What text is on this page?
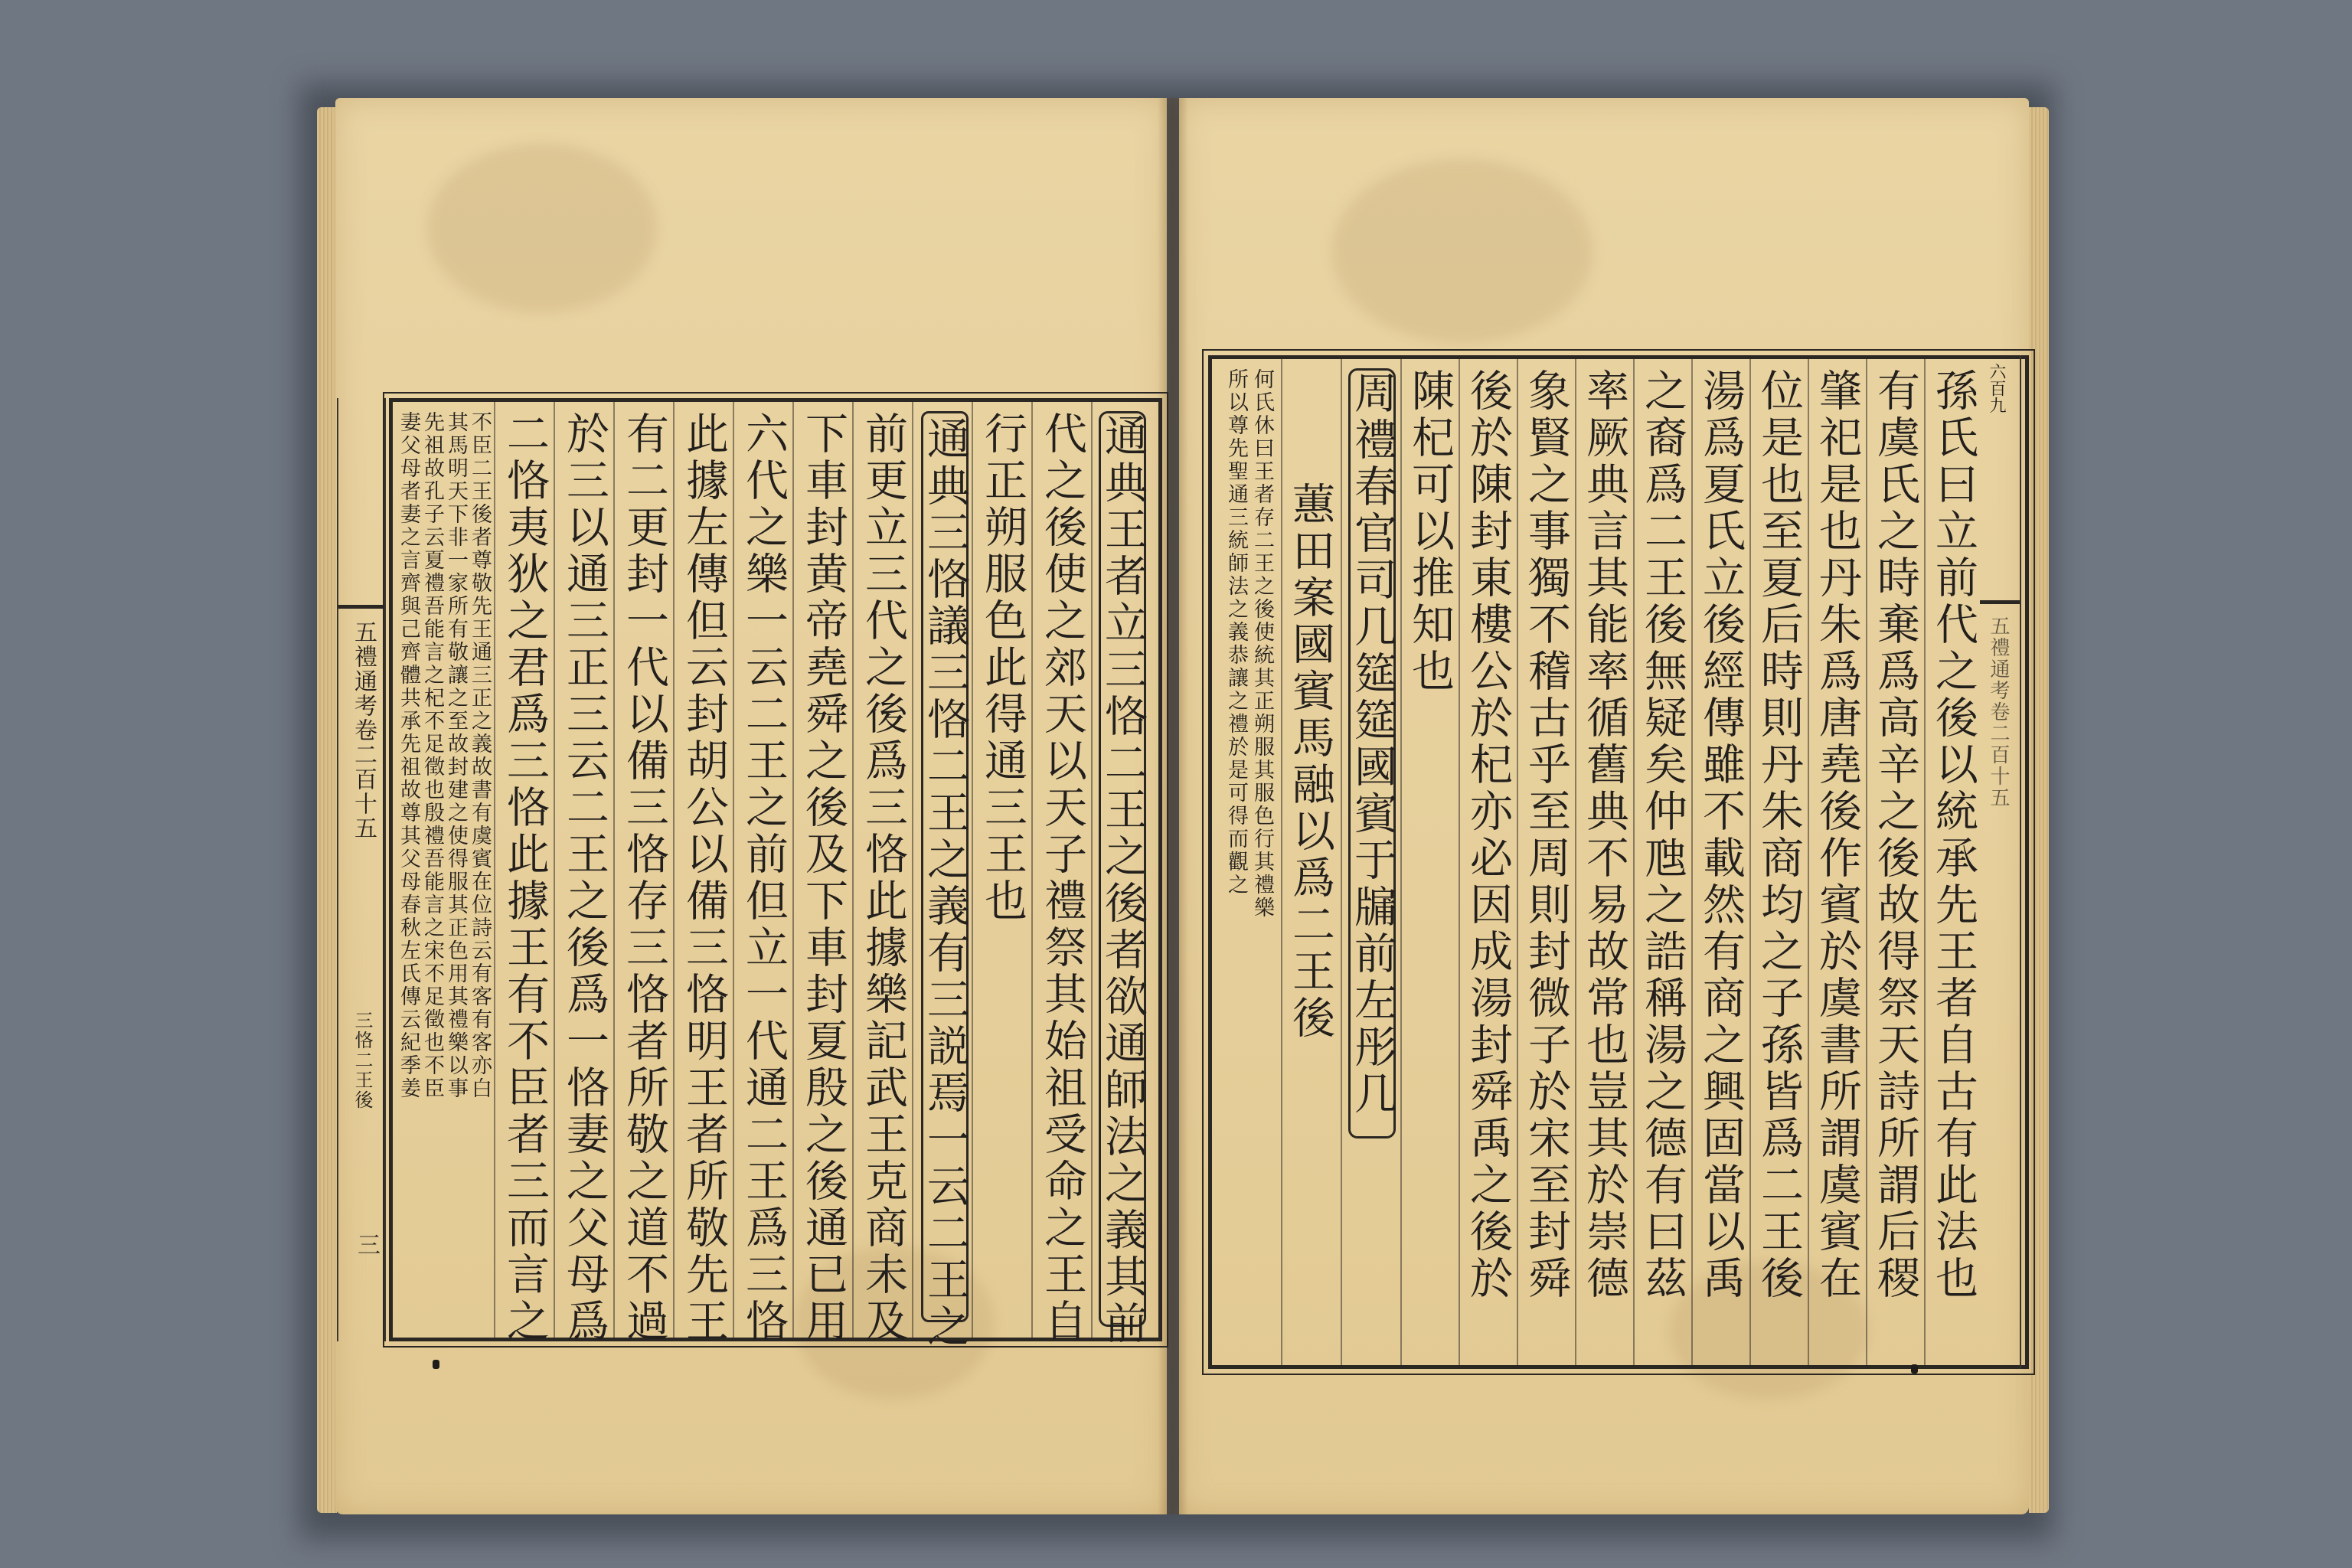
通典王者立三恪二王之後者欲通師法之義其前
代之後使之郊天以天子禮祭其始祖受命之王自
行正朔服色此得通三王也
通典三恪議三恪二王之義有三説焉一云二王之
前更立三代之後爲三恪此據樂記武王克商未及
下車封黄帝堯舜之後及下車封夏殷之後通已用
六代之樂一云二王之前但立一代通二王爲三恪
此據左傳但云封胡公以備三恪明王者所敬先王
有二更封一代以備三恪存三恪者所敬之道不過
於三以通三正三云二王之後爲一恪妻之父母爲
二恪夷狄之君爲三恪此據王有不臣者三而言之
不臣二王後者尊敬先王通三正之義故書有虞賓在位詩云有客有客亦白
其馬明天下非一家所有敬讓之至故封建之使得服其正色用其禮樂以事
先祖故孔子云夏禮吾能言之杞不足徵也殷禮吾能言之宋不足徵也不臣
妻父母者妻之言齊與己齊體共承先祖故尊其父母春秋左氏傳云紀季姜
五禮通考卷二百十五
三恪二王後
三	孫氏曰立前代之後以統承先王者自古有此法也
有虞氏之時棄爲高辛之後故得祭天詩所謂后稷
肇祀是也丹朱爲唐堯後作賓於虞書所謂虞賓在
位是也至夏后時則丹朱商均之子孫皆爲二王後
湯爲夏氏立後經傳雖不載然有商之興固當以禹
之裔爲二王後無疑矣仲虺之誥稱湯之德有曰茲
率厥典言其能率循舊典不易故常也豈其於崇德
象賢之事獨不稽古乎至周則封微子於宋至封舜
後於陳封東樓公於杞亦必因成湯封舜禹之後於
陳杞可以推知也
周禮春官司几筵筵國賓于牖前左彤几
蕙田案國賓馬融以爲二王後
何氏休曰王者存二王之後使統其正朔服其服色行其禮樂
所以尊先聖通三統師法之義恭讓之禮於是可得而觀之	六百九
五禮通考卷二百十五
